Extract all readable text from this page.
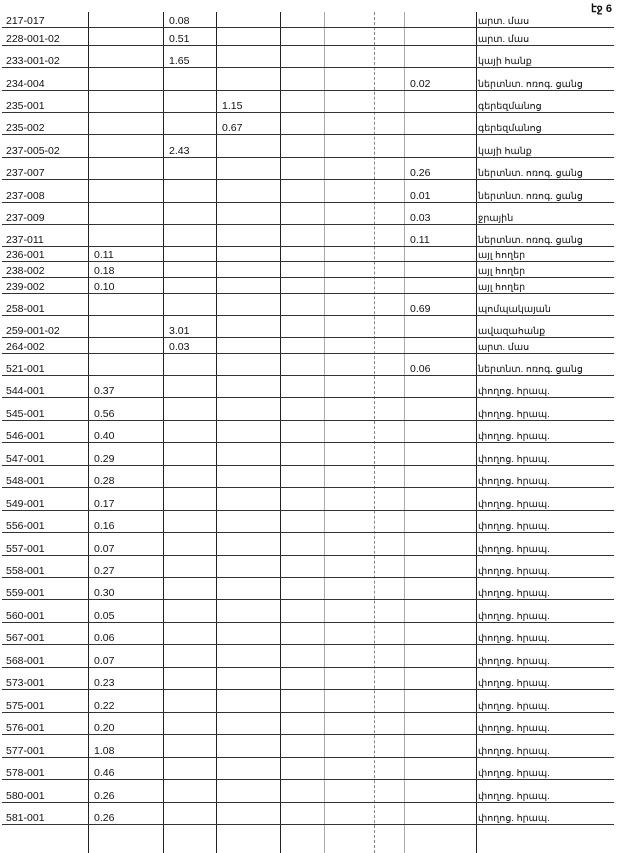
էջ 6
217-017		0.08				արտ. մաս
228-001-02		0.51				արտ. մաս
233-001-02		1.65				կայի հանք
234-004					0.02	ներտնտ. ոռոգ. ցանց
235-001			1.15			գերեզմանոց
235-002			0.67			գերեզմանոց
237-005-02		2.43				կայի հանք
237-007					0.26	ներտնտ. ոռոգ. ցանց
237-008					0.01	ներտնտ. ոռոգ. ցանց
237-009					0.03	ջրային
237-011					0.11	ներտնտ. ոռոգ. ցանց
236-001	0.11					այլ հողեր
238-002	0.18					այլ հողեր
239-002	0.10					այլ հողեր
258-001					0.69	պոմպակայան
259-001-02		3.01				ավազահանք
264-002		0.03				արտ. մաս
521-001					0.06	ներտնտ. ոռոգ. ցանց
544-001	0.37					փողոց. հրապ.
545-001	0.56					փողոց. հրապ.
546-001	0.40					փողոց. հրապ.
547-001	0.29					փողոց. հրապ.
548-001	0.28					փողոց. հրապ.
549-001	0.17					փողոց. հրապ.
556-001	0.16					փողոց. հրապ.
557-001	0.07					փողոց. հրապ.
558-001	0.27					փողոց. հրապ.
559-001	0.30					փողոց. հրապ.
560-001	0.05					փողոց. հրապ.
567-001	0.06					փողոց. հրապ.
568-001	0.07					փողոց. հրապ.
573-001	0.23					փողոց. հրապ.
575-001	0.22					փողոց. հրապ.
576-001	0.20					փողոց. հրապ.
577-001	1.08					փողոց. հրապ.
578-001	0.46					փողոց. հրապ.
580-001	0.26					փողոց. հրապ.
581-001	0.26					փողոց. հրապ.
